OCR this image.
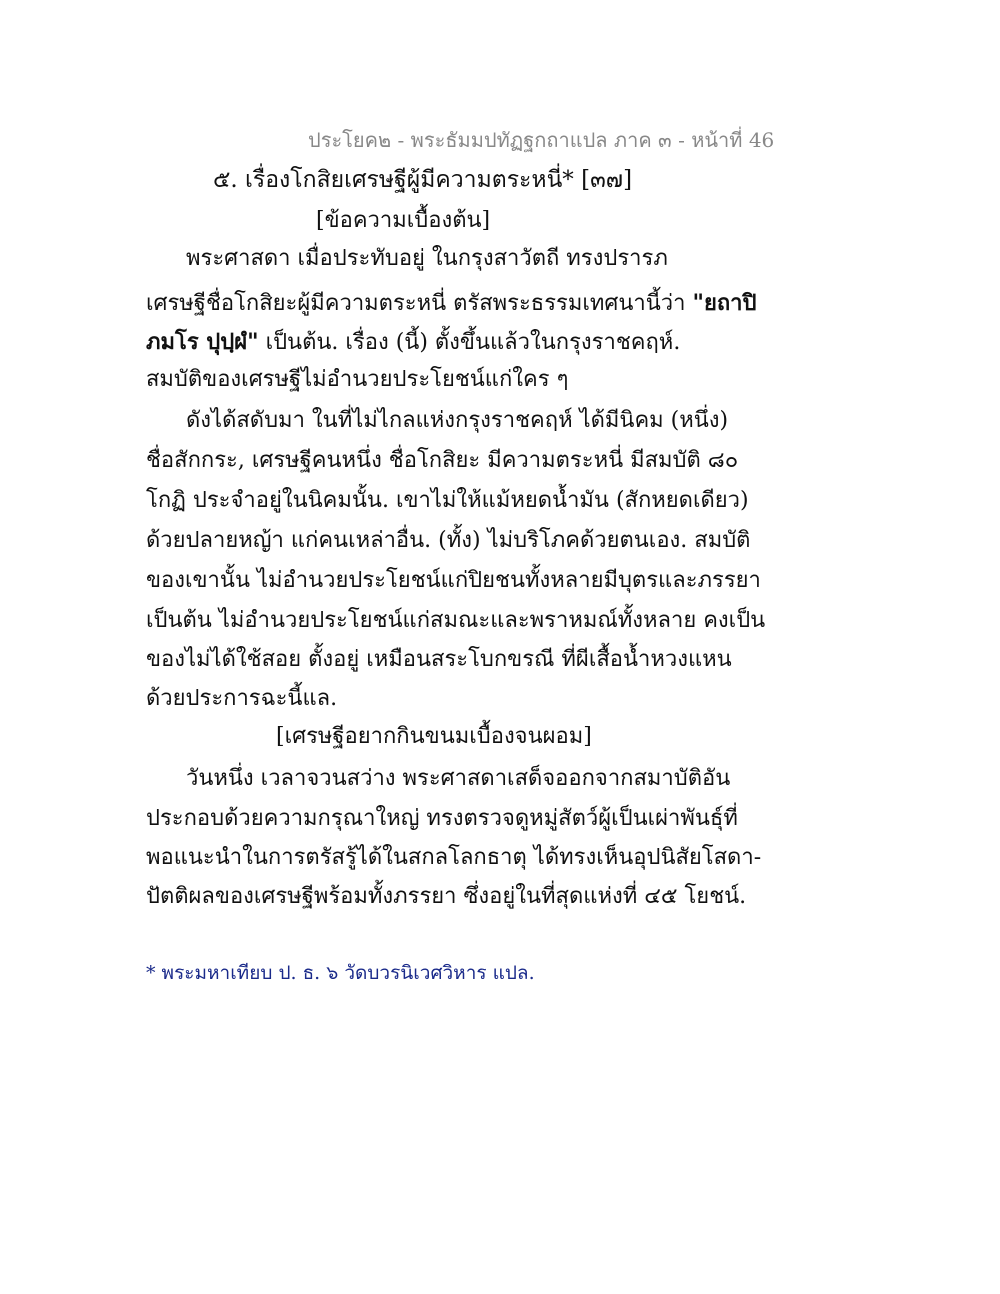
ประโยค๒ - พระธัมมปทัฏฐกถาแปล ภาค ๓ - หน้าที่ 46
๕. เรื่องโกสิยเศรษฐีผู้มีความตระหนี่* [๓๗]
[ข้อความเบื้องต้น]
พระศาสดา เมื่อประทับอยู่ ในกรุงสาวัตถี ทรงปรารภ
เศรษฐีชื่อโกสิยะผู้มีความตระหนี่ ตรัสพระธรรมเทศนานี้ว่า "ยถาปิ
ภมโร ปุปฺผํ" เป็นต้น. เรื่อง (นี้) ตั้งขึ้นแล้วในกรุงราชคฤห์.
สมบัติของเศรษฐีไม่อำนวยประโยชน์แก่ใคร ๆ
ดังได้สดับมา ในที่ไม่ไกลแห่งกรุงราชคฤห์ ได้มีนิคม (หนึ่ง)
ชื่อสักกระ, เศรษฐีคนหนึ่ง ชื่อโกสิยะ มีความตระหนี่ มีสมบัติ ๘๐
โกฏิ ประจำอยู่ในนิคมนั้น. เขาไม่ให้แม้หยดน้ำมัน (สักหยดเดียว)
ด้วยปลายหญ้า แก่คนเหล่าอื่น. (ทั้ง) ไม่บริโภคด้วยตนเอง. สมบัติ
ของเขานั้น ไม่อำนวยประโยชน์แก่ปิยชนทั้งหลายมีบุตรและภรรยา
เป็นต้น ไม่อำนวยประโยชน์แก่สมณะและพราหมณ์ทั้งหลาย คงเป็น
ของไม่ได้ใช้สอย ตั้งอยู่ เหมือนสระโบกขรณี ที่ผีเสื้อน้ำหวงแหน
ด้วยประการฉะนี้แล.
[เศรษฐีอยากกินขนมเบื้องจนผอม]
วันหนึ่ง เวลาจวนสว่าง พระศาสดาเสด็จออกจากสมาบัติอัน
ประกอบด้วยความกรุณาใหญ่ ทรงตรวจดูหมู่สัตว์ผู้เป็นเผ่าพันธุ์ที่
พอแนะนำในการตรัสรู้ได้ในสกลโลกธาตุ ได้ทรงเห็นอุปนิสัยโสดา-
ปัตติผลของเศรษฐีพร้อมทั้งภรรยา ซึ่งอยู่ในที่สุดแห่งที่ ๔๕ โยชน์.
* พระมหาเทียบ ป. ธ. ๖ วัดบวรนิเวศวิหาร แปล.
